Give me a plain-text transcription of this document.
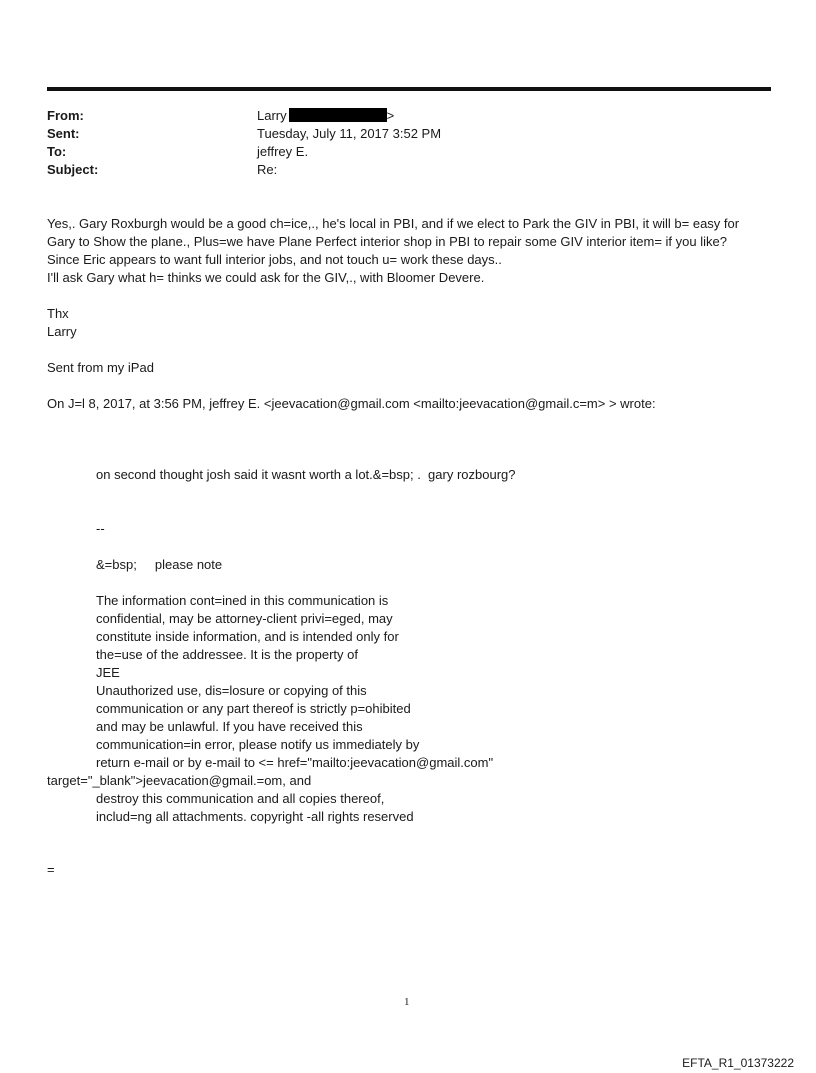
From:	Larry	>
Sent:	Tuesday, July 11, 2017 3:52 PM
To:	jeffrey E.
Subject:	Re:
Yes,. Gary Roxburgh would be a good ch=ice,., he's local in PBI, and if we elect to Park the GIV in PBI, it will b= easy for
Gary to Show the plane., Plus=we have Plane Perfect interior shop in PBI to repair some GIV interior item= if you like?
Since Eric appears to want full interior jobs, and not touch u= work these days..
I'll ask Gary what h= thinks we could ask for the GIV,., with Bloomer Devere.
Thx
Larry
Sent from my iPad
On J=l 8, 2017, at 3:56 PM, jeffrey E. <jeevacation@gmail.com <mailto:jeevacation@gmail.c=m> > wrote:
on second thought josh said it wasnt worth a lot.&=bsp; .  gary rozbourg?
--
&=bsp;     please note
The information cont=ined in this communication is
confidential, may be attorney-client privi=eged, may
constitute inside information, and is intended only for
the=use of the addressee. It is the property of
JEE
Unauthorized use, dis=losure or copying of this
communication or any part thereof is strictly p=ohibited
and may be unlawful. If you have received this
communication=in error, please notify us immediately by
return e-mail or by e-mail to <= href="mailto:jeevacation@gmail.com"
target="_blank">jeevacation@gmail.=om, and
destroy this communication and all copies thereof,
includ=ng all attachments. copyright -all rights reserved
=
1
EFTA_R1_01373222
